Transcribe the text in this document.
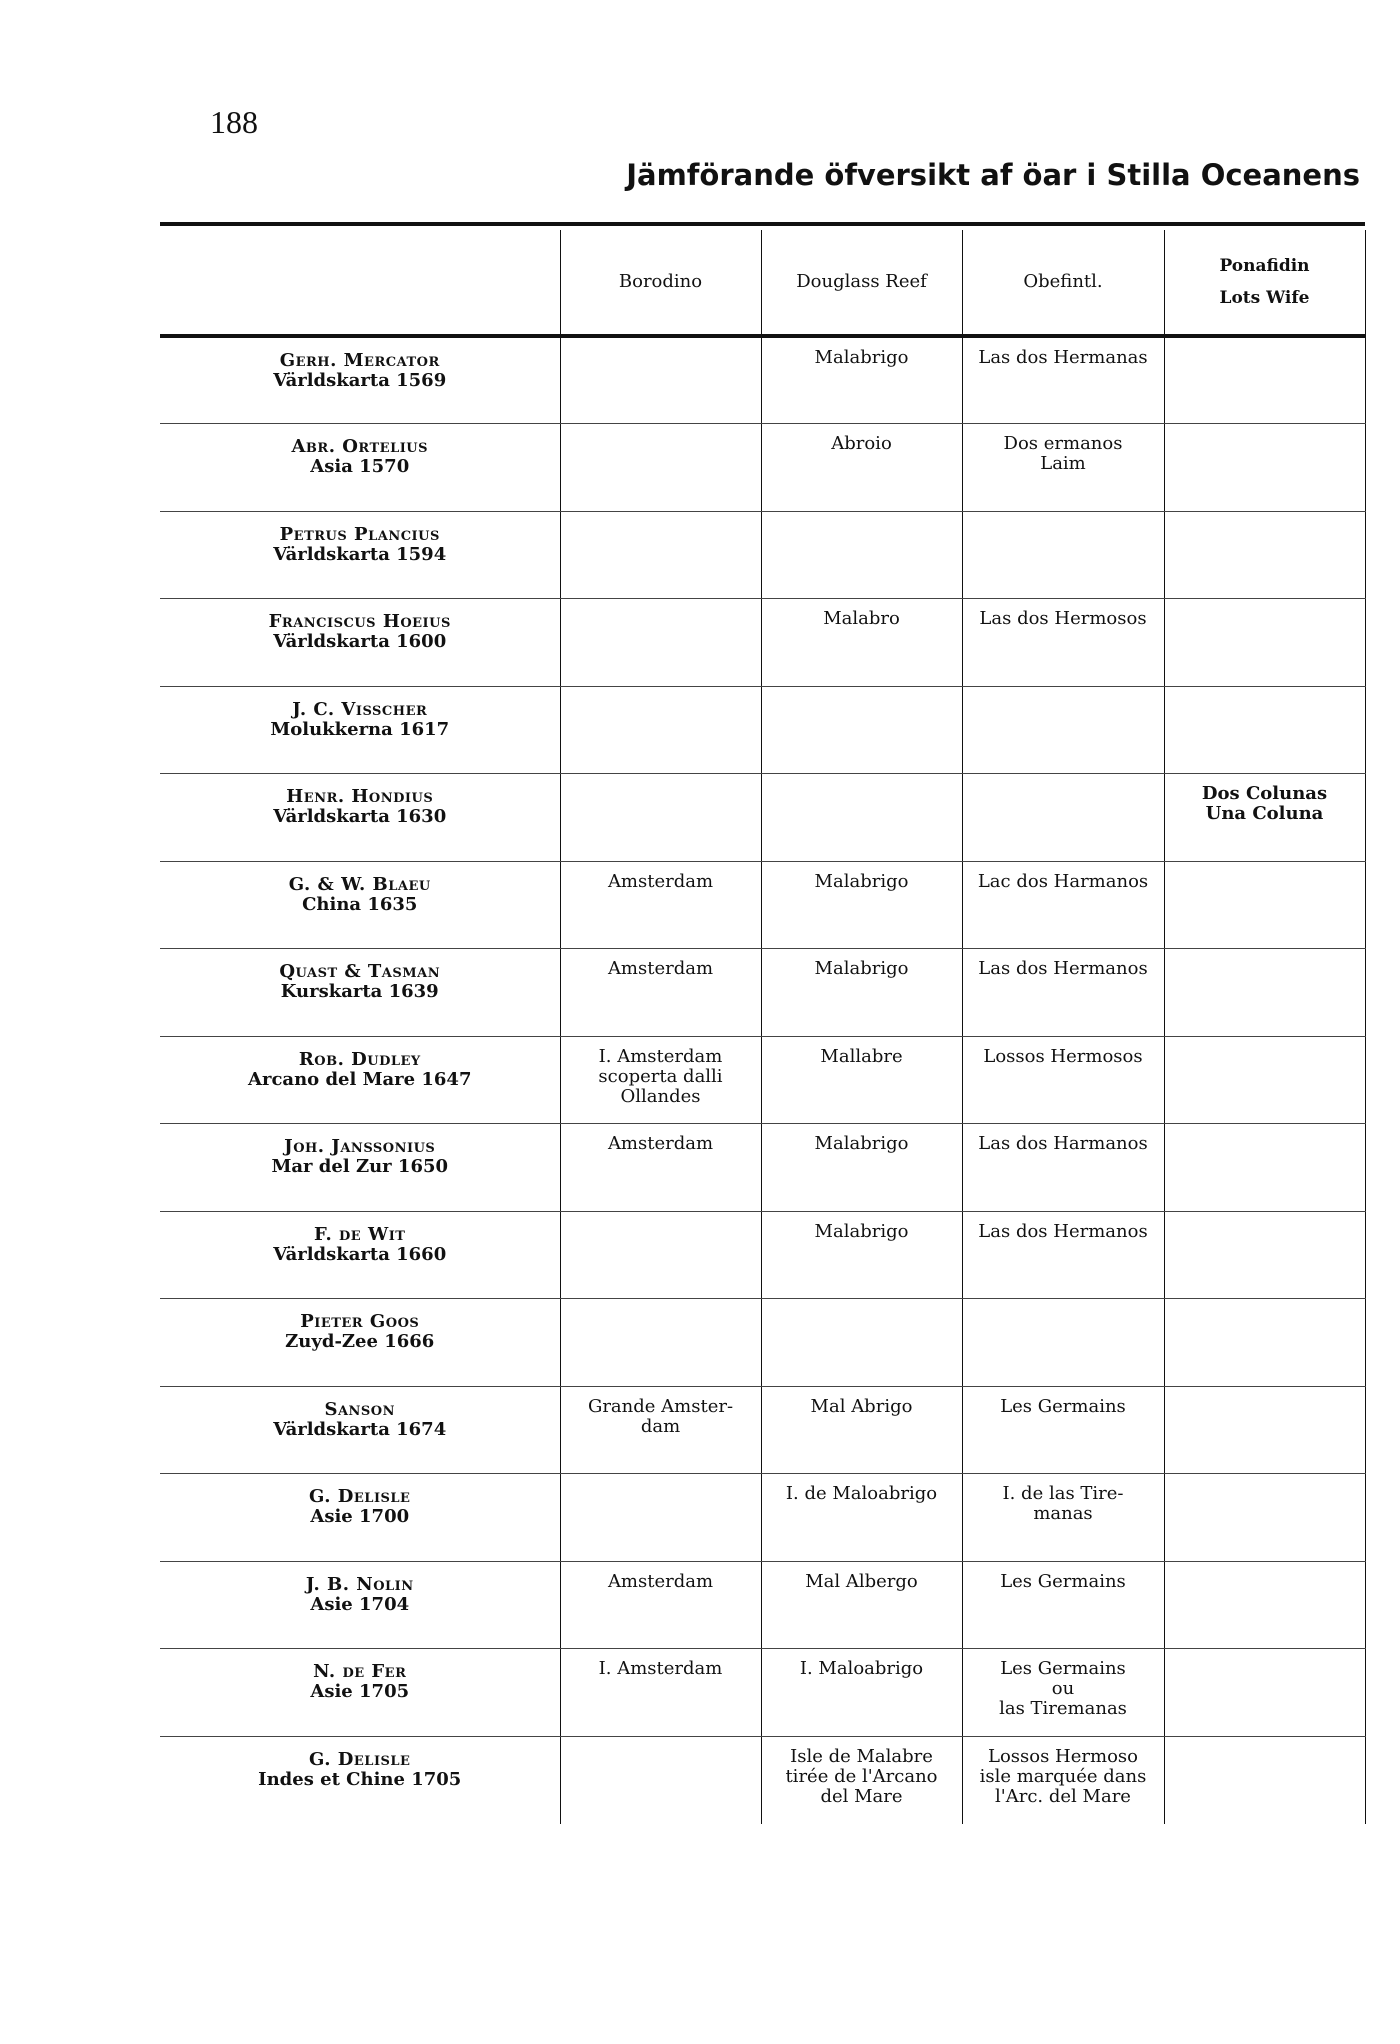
188
Jämförande öfversikt af öar i Stilla Oceanens
	Borodino	Douglass Reef	Obefintl.	Ponafidin
Lots Wife

Gerh. Mercator
Världskarta 1569		Malabrigo	Las dos Hermanas	

Abr. Ortelius
Asia 1570		Abroio	Dos ermanos
Laim	

Petrus Plancius
Världskarta 1594				

Franciscus Hoeius
Världskarta 1600		Malabro	Las dos Hermosos	

J. C. Visscher
Molukkerna 1617				

Henr. Hondius
Världskarta 1630				Dos Colunas
Una Coluna

G. & W. Blaeu
China 1635	Amsterdam	Malabrigo	Lac dos Harmanos	

Quast & Tasman
Kurskarta 1639	Amsterdam	Malabrigo	Las dos Hermanos	

Rob. Dudley
Arcano del Mare 1647	I. Amsterdam
scoperta dalli
Ollandes	Mallabre	Lossos Hermosos	

Joh. Janssonius
Mar del Zur 1650	Amsterdam	Malabrigo	Las dos Harmanos	

F. de Wit
Världskarta 1660		Malabrigo	Las dos Hermanos	

Pieter Goos
Zuyd-Zee 1666				

Sanson
Världskarta 1674	Grande Amster-
dam	Mal Abrigo	Les Germains	

G. Delisle
Asie 1700		I. de Maloabrigo	I. de las Tire-
manas	

J. B. Nolin
Asie 1704	Amsterdam	Mal Albergo	Les Germains	

N. de Fer
Asie 1705	I. Amsterdam	I. Maloabrigo	Les Germains
ou
las Tiremanas	

G. Delisle
Indes et Chine 1705		Isle de Malabre
tirée de l'Arcano
del Mare	Lossos Hermoso
isle marquée dans
l'Arc. del Mare	
